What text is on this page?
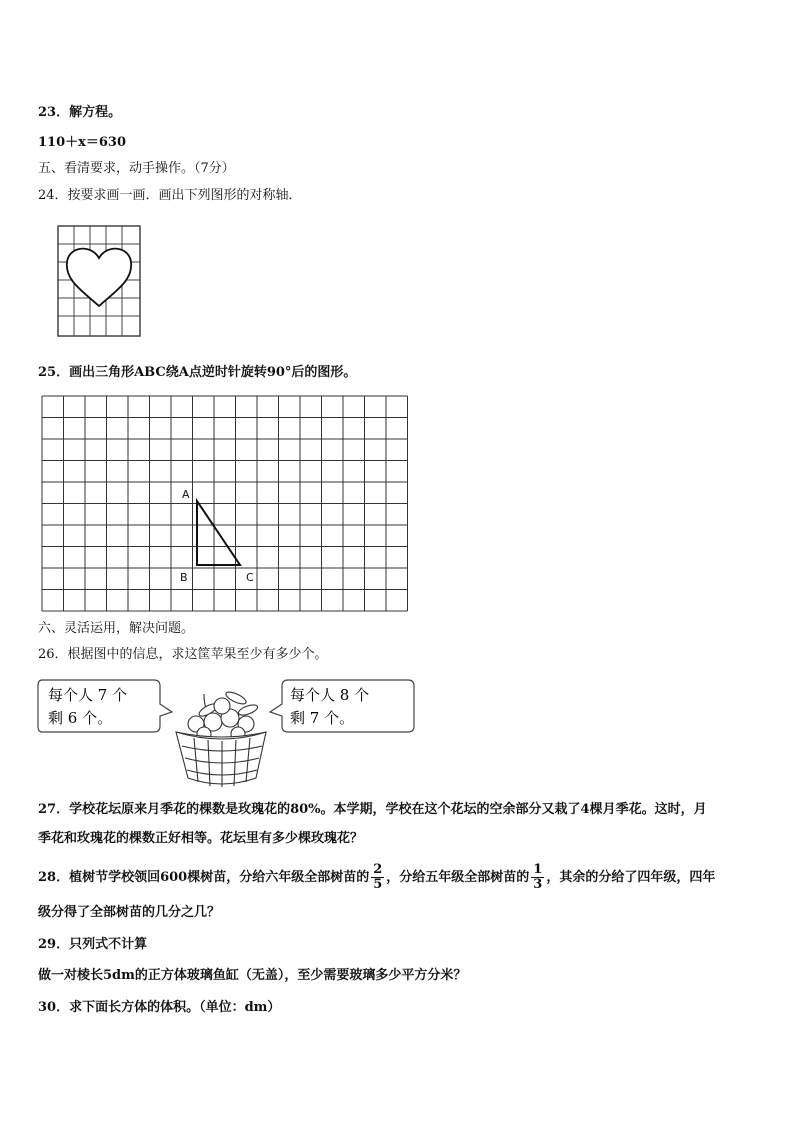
23．解方程。
110＋x＝630
五、看清要求，动手操作。（7分）
24．按要求画一画．画出下列图形的对称轴．
25．画出三角形ABC绕A点逆时针旋转90°后的图形。
A
B	C
六、灵活运用，解决问题。
26．根据图中的信息，求这筐苹果至少有多少个。
每个人 7 个
剩 6 个。
每个人 8 个
剩 7 个。
27．学校花坛原来月季花的棵数是玫瑰花的80%。本学期，学校在这个花坛的空余部分又栽了4棵月季花。这时，月
季花和玫瑰花的棵数正好相等。花坛里有多少棵玫瑰花？
28．植树节学校领回600棵树苗，分给六年级全部树苗的 $\frac{2}{5}$ ，分给五年级全部树苗的 $\frac{1}{3}$ ，其余的分给了四年级，四年
级分得了全部树苗的几分之几？
29．只列式不计算
做一对棱长5dm的正方体玻璃鱼缸（无盖），至少需要玻璃多少平方分米？
30．求下面长方体的体积。（单位：dm）
